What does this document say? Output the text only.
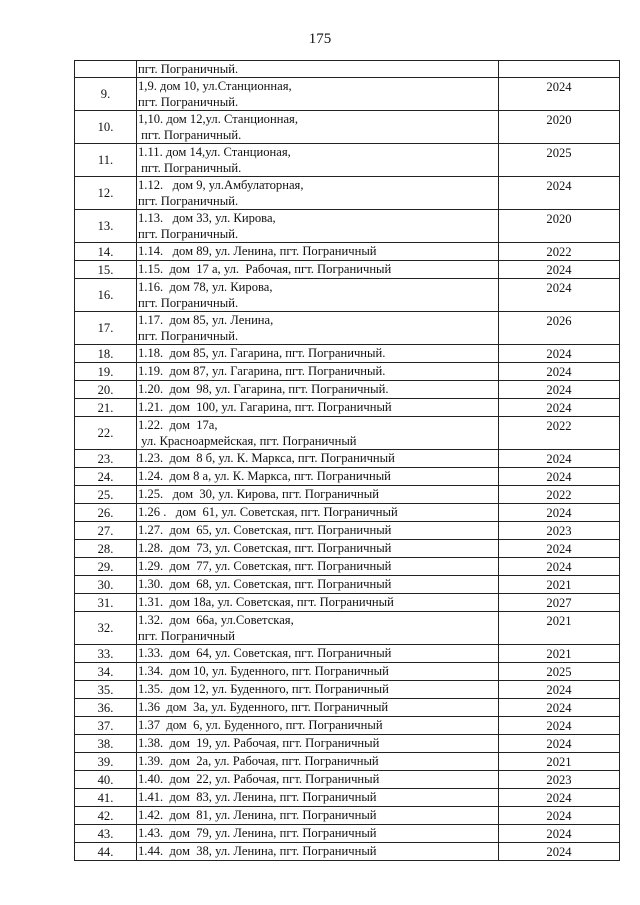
175

	пгт. Пограничный.	

9.	1,9. дом 10, ул.Станционная,
пгт. Пограничный.	2024
10.	1,10. дом 12,ул. Станционная,
пгт. Пограничный.	2020
11.	1.11. дом 14,ул. Станционая,
пгт. Пограничный.	2025
12.	1.12.   дом 9, ул.Амбулаторная,
пгт. Пограничный.	2024
13.	1.13.   дом 33, ул. Кирова,
пгт. Пограничный.	2020
14.	1.14.   дом 89, ул. Ленина, пгт. Пограничный	2022
15.	1.15.  дом  17 а, ул.  Рабочая, пгт. Пограничный	2024
16.	1.16.  дом 78, ул. Кирова,
пгт. Пограничный.	2024
17.	1.17.  дом 85, ул. Ленина,
пгт. Пограничный.	2026
18.	1.18.  дом 85, ул. Гагарина, пгт. Пограничный.	2024
19.	1.19.  дом 87, ул. Гагарина, пгт. Пограничный.	2024
20.	1.20.  дом  98, ул. Гагарина, пгт. Пограничный.	2024
21.	1.21.  дом  100, ул. Гагарина, пгт. Пограничный	2024
22.	1.22.  дом  17а,
ул. Красноармейская, пгт. Пограничный	2022
23.	1.23.  дом  8 б, ул. К. Маркса, пгт. Пограничный	2024
24.	1.24.  дом 8 а, ул. К. Маркса, пгт. Пограничный	2024
25.	1.25.   дом  30, ул. Кирова, пгт. Пограничный	2022
26.	1.26 .   дом  61, ул. Советская, пгт. Пограничный	2024
27.	1.27.  дом  65, ул. Советская, пгт. Пограничный	2023
28.	1.28.  дом  73, ул. Советская, пгт. Пограничный	2024
29.	1.29.  дом  77, ул. Советская, пгт. Пограничный	2024
30.	1.30.  дом  68, ул. Советская, пгт. Пограничный	2021
31.	1.31.  дом 18а, ул. Советская, пгт. Пограничный	2027
32.	1.32.  дом  66а, ул.Советская,
пгт. Пограничный	2021
33.	1.33.  дом  64, ул. Советская, пгт. Пограничный	2021
34.	1.34.  дом 10, ул. Буденного, пгт. Пограничный	2025
35.	1.35.  дом 12, ул. Буденного, пгт. Пограничный	2024
36.	1.36  дом  3а, ул. Буденного, пгт. Пограничный	2024
37.	1.37  дом  6, ул. Буденного, пгт. Пограничный	2024
38.	1.38.  дом  19, ул. Рабочая, пгт. Пограничный	2024
39.	1.39.  дом  2а, ул. Рабочая, пгт. Пограничный	2021
40.	1.40.  дом  22, ул. Рабочая, пгт. Пограничный	2023
41.	1.41.  дом  83, ул. Ленина, пгт. Пограничный	2024
42.	1.42.  дом  81, ул. Ленина, пгт. Пограничный	2024
43.	1.43.  дом  79, ул. Ленина, пгт. Пограничный	2024
44.	1.44.  дом  38, ул. Ленина, пгт. Пограничный	2024
